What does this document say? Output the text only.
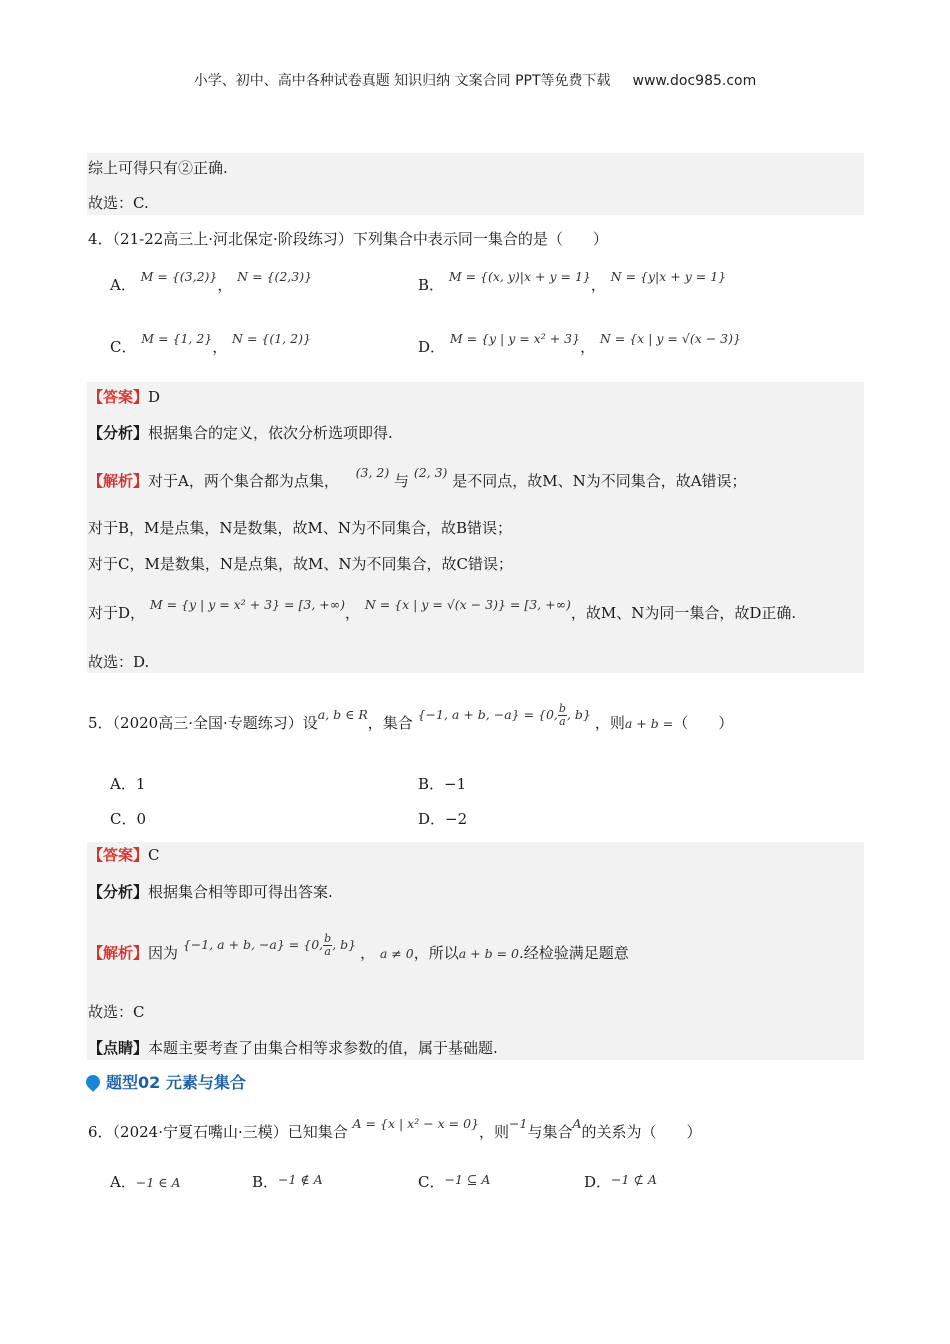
小学、初中、高中各种试卷真题 知识归纳 文案合同 PPT等免费下载 www.doc985.com
综上可得只有②正确.
故选：C.
4．（21-22高三上·河北保定·阶段练习）下列集合中表示同一集合的是（　　）
A． $^{M = \{(3,2)\}}$， $^{N = \{(2,3)\}}$	B． $^{M = \{(x, y)|x + y = 1\}}$， $^{N = \{y|x + y = 1\}}$
C． $^{M = \{1, 2\}}$， $^{N = \{(1, 2)\}}$	D． $^{M = \{y | y = x^2 + 3\}}$， $^{N = \{x | y = √(x - 3)\}}$
【答案】D
【分析】根据集合的定义，依次分析选项即得.
【解析】对于A，两个集合都为点集， $^{(3, 2)}$ 与 $^{(2, 3)}$ 是不同点，故M、N为不同集合，故A错误；
对于B，M是点集，N是数集，故M、N为不同集合，故B错误；
对于C，M是数集，N是点集，故M、N为不同集合，故C错误；
对于D， $^{M = \{y | y = x^2 + 3\} = [3, +\infty)}$， $^{N = \{x | y = √(x - 3)\} = [3, +\infty)}$，故M、N为同一集合，故D正确.
故选：D.
5．（2020高三·全国·专题练习）设$^{a, b \in R}$，集合 $^{\{-1, a + b, -a\} = \{0, \frac{b}{a} , b\}}$ ，则a + b =（　　）
A．1	B．−1
C．0	D．−2
【答案】C
【分析】根据集合相等即可得出答案.
【解析】因为 $^{\{-1, a + b, -a\} = \{0, \frac{b}{a} , b\}}$ ， a ≠ 0，所以a + b = 0.经检验满足题意
故选：C
【点睛】本题主要考查了由集合相等求参数的值，属于基础题.
题型02 元素与集合
6．（2024·宁夏石嘴山·三模）已知集合 $^{A = \{x | x^2 - x = 0\}}$，则$^{-1}$与集合$^A$的关系为（　　）
A．−1 ∈ A	B．$^{-1 \notin A}$	C．$^{-1 ⊆ A}$	D．$^{-1 ⊄ A}$
